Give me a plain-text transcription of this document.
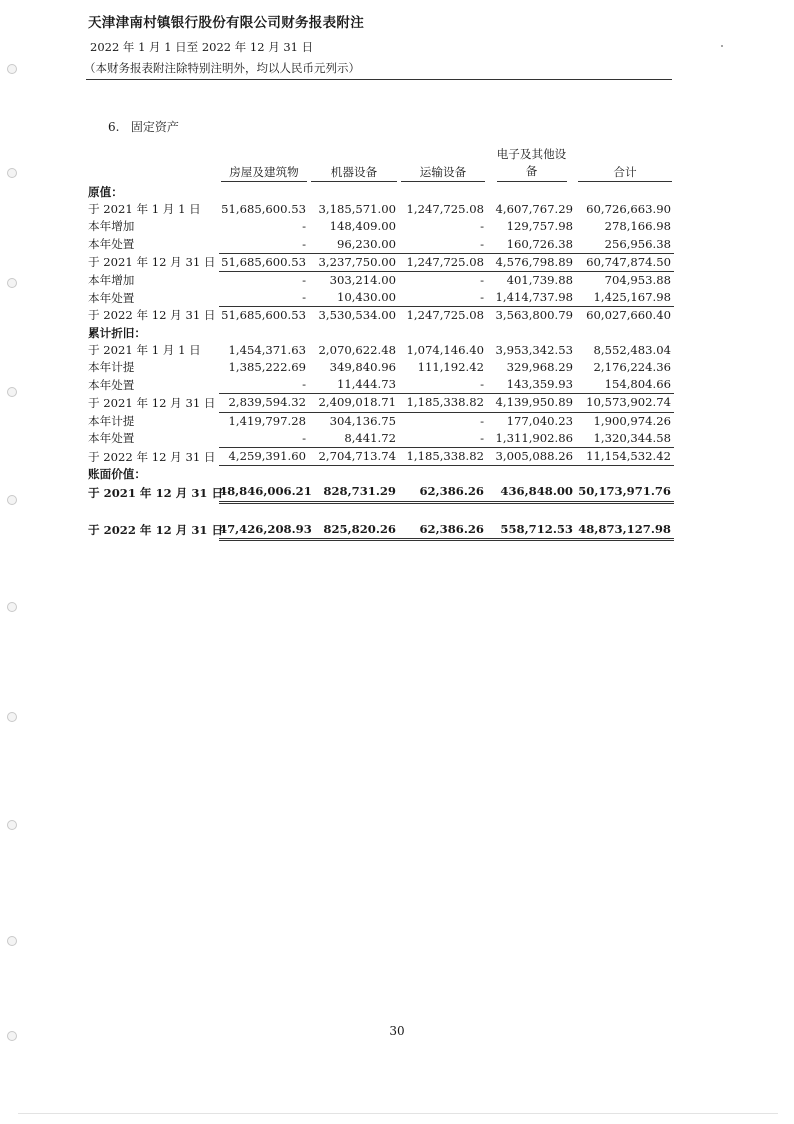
天津津南村镇银行股份有限公司财务报表附注
2022 年 1 月 1 日至 2022 年 12 月 31 日
（本财务报表附注除特别注明外，均以人民币元列示）
6. 固定资产

	房屋及建筑物	机器设备	运输设备	电子及其他设备	合计

原值：					
于 2021 年 1 月 1 日	51,685,600.53	3,185,571.00	1,247,725.08	4,607,767.29	60,726,663.90
本年增加	-	148,409.00	-	129,757.98	278,166.98
本年处置	-	96,230.00	-	160,726.38	256,956.38
于 2021 年 12 月 31 日	51,685,600.53	3,237,750.00	1,247,725.08	4,576,798.89	60,747,874.50
本年增加	-	303,214.00	-	401,739.88	704,953.88
本年处置	-	10,430.00	-	1,414,737.98	1,425,167.98
于 2022 年 12 月 31 日	51,685,600.53	3,530,534.00	1,247,725.08	3,563,800.79	60,027,660.40
累计折旧：					
于 2021 年 1 月 1 日	1,454,371.63	2,070,622.48	1,074,146.40	3,953,342.53	8,552,483.04
本年计提	1,385,222.69	349,840.96	111,192.42	329,968.29	2,176,224.36
本年处置	-	11,444.73	-	143,359.93	154,804.66
于 2021 年 12 月 31 日	2,839,594.32	2,409,018.71	1,185,338.82	4,139,950.89	10,573,902.74
本年计提	1,419,797.28	304,136.75	-	177,040.23	1,900,974.26
本年处置	-	8,441.72	-	1,311,902.86	1,320,344.58
于 2022 年 12 月 31 日	4,259,391.60	2,704,713.74	1,185,338.82	3,005,088.26	11,154,532.42
账面价值：					
于 2021 年 12 月 31 日	48,846,006.21	828,731.29	62,386.26	436,848.00	50,173,971.76

于 2022 年 12 月 31 日	47,426,208.93	825,820.26	62,386.26	558,712.53	48,873,127.98
30
